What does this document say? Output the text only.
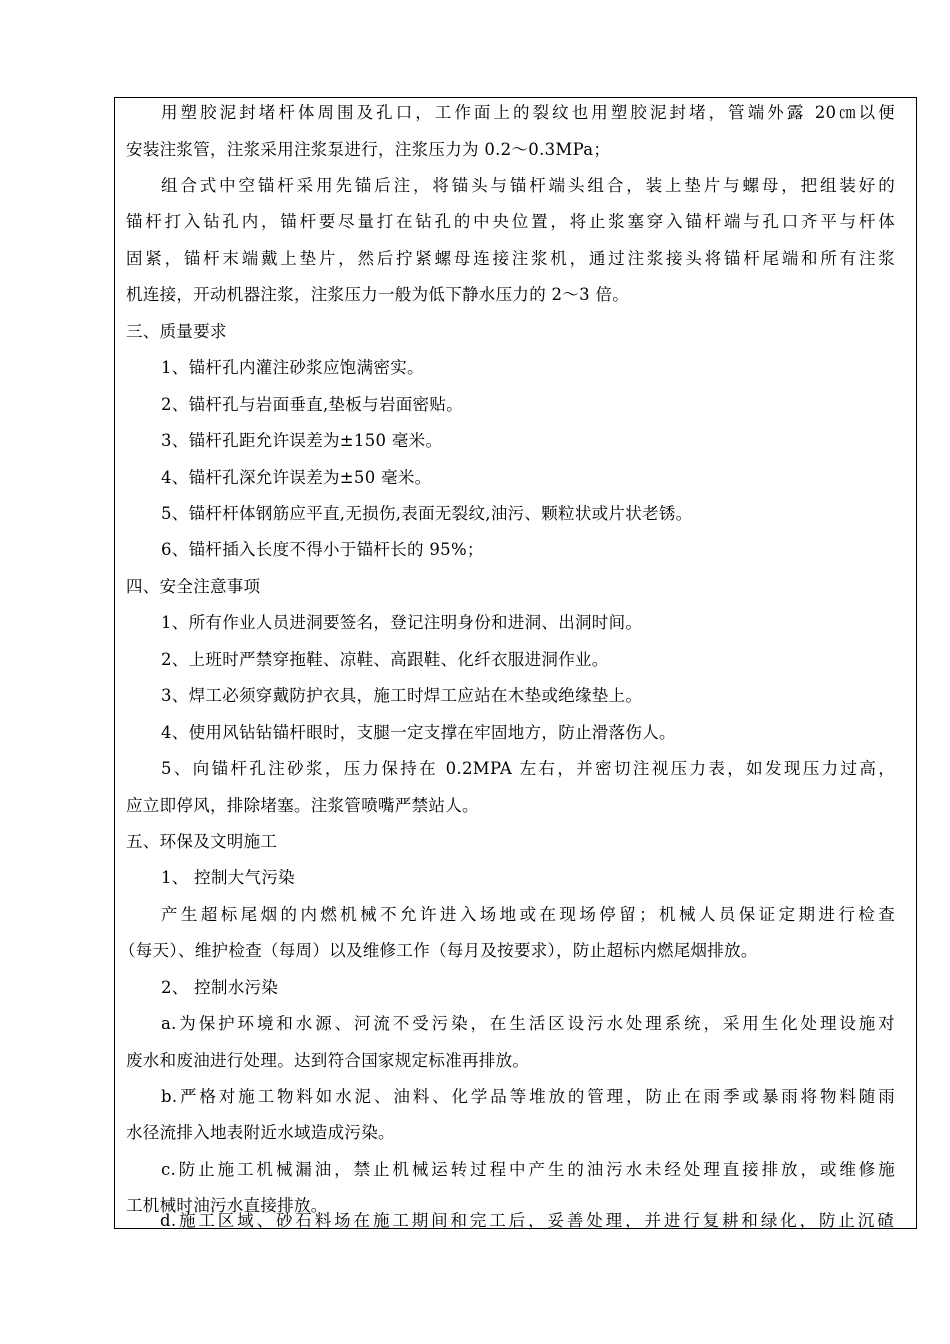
用塑胶泥封堵杆体周围及孔口，工作面上的裂纹也用塑胶泥封堵，管端外露 20㎝以便
安装注浆管，注浆采用注浆泵进行，注浆压力为 0.2～0.3MPa；
组合式中空锚杆采用先锚后注，将锚头与锚杆端头组合，装上垫片与螺母，把组装好的
锚杆打入钻孔内，锚杆要尽量打在钻孔的中央位置，将止浆塞穿入锚杆端与孔口齐平与杆体
固紧，锚杆末端戴上垫片，然后拧紧螺母连接注浆机，通过注浆接头将锚杆尾端和所有注浆
机连接，开动机器注浆，注浆压力一般为低下静水压力的 2～3 倍。
三、质量要求
1、锚杆孔内灌注砂浆应饱满密实。
2、锚杆孔与岩面垂直,垫板与岩面密贴。
3、锚杆孔距允许误差为±150 毫米。
4、锚杆孔深允许误差为±50 毫米。
5、锚杆杆体钢筋应平直,无损伤,表面无裂纹,油污、颗粒状或片状老锈。
6、锚杆插入长度不得小于锚杆长的 95%；
四、安全注意事项
1、所有作业人员进洞要签名，登记注明身份和进洞、出洞时间。
2、上班时严禁穿拖鞋、凉鞋、高跟鞋、化纤衣服进洞作业。
3、焊工必须穿戴防护衣具，施工时焊工应站在木垫或绝缘垫上。
4、使用风钻钻锚杆眼时，支腿一定支撑在牢固地方，防止滑落伤人。
5、向锚杆孔注砂浆，压力保持在 0.2MPA 左右，并密切注视压力表，如发现压力过高，
应立即停风，排除堵塞。注浆管喷嘴严禁站人。
五、环保及文明施工
1、 控制大气污染
产生超标尾烟的内燃机械不允许进入场地或在现场停留；机械人员保证定期进行检查
（每天）、维护检查（每周）以及维修工作（每月及按要求），防止超标内燃尾烟排放。
2、 控制水污染
a.为保护环境和水源、河流不受污染，在生活区设污水处理系统，采用生化处理设施对
废水和废油进行处理。达到符合国家规定标准再排放。
b.严格对施工物料如水泥、油料、化学品等堆放的管理，防止在雨季或暴雨将物料随雨
水径流排入地表附近水域造成污染。
c.防止施工机械漏油，禁止机械运转过程中产生的油污水未经处理直接排放，或维修施
工机械时油污水直接排放。
d.施工区域、砂石料场在施工期间和完工后，妥善处理，并进行复耕和绿化，防止沉碴
